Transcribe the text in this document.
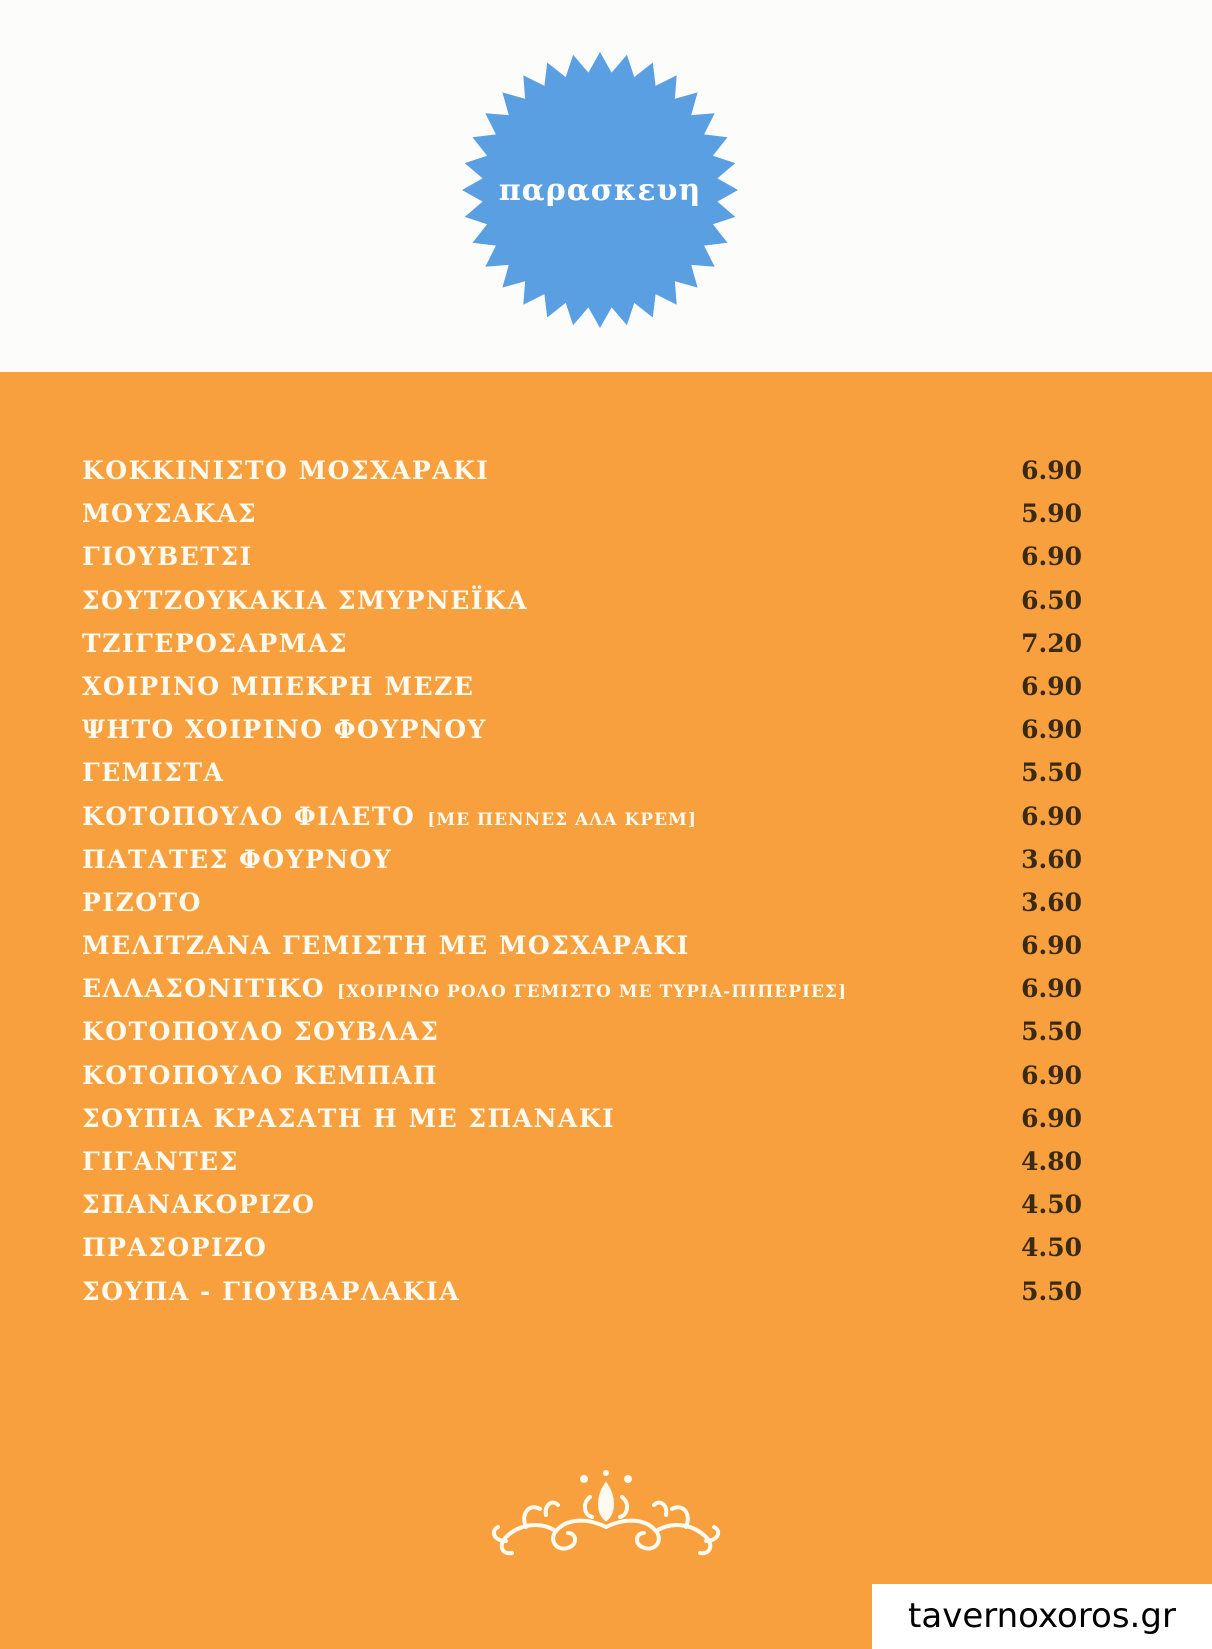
παρασκευη
ΚΟΚΚΙΝΙΣΤΟ ΜΟΣΧΑΡΑΚΙ	6.90
ΜΟΥΣΑΚΑΣ	5.90
ΓΙΟΥΒΕΤΣΙ	6.90
ΣΟΥΤΖΟΥΚΑΚΙΑ ΣΜΥΡΝΕΪΚΑ	6.50
ΤΖΙΓΕΡΟΣΑΡΜΑΣ	7.20
ΧΟΙΡΙΝΟ ΜΠΕΚΡΗ ΜΕΖΕ	6.90
ΨΗΤΟ ΧΟΙΡΙΝΟ ΦΟΥΡΝΟΥ	6.90
ΓΕΜΙΣΤΑ	5.50
ΚΟΤΟΠΟΥΛΟ ΦΙΛΕΤΟ [ΜΕ ΠΕΝΝΕΣ ΑΛΑ ΚΡΕΜ]	6.90
ΠΑΤΑΤΕΣ ΦΟΥΡΝΟΥ	3.60
ΡΙΖΟΤΟ	3.60
ΜΕΛΙΤΖΑΝΑ ΓΕΜΙΣΤΗ ΜΕ ΜΟΣΧΑΡΑΚΙ	6.90
ΕΛΛΑΣΟΝΙΤΙΚΟ [ΧΟΙΡΙΝΟ ΡΟΛΟ ΓΕΜΙΣΤΟ ΜΕ ΤΥΡΙΑ-ΠΙΠΕΡΙΕΣ]	6.90
ΚΟΤΟΠΟΥΛΟ ΣΟΥΒΛΑΣ	5.50
ΚΟΤΟΠΟΥΛΟ ΚΕΜΠΑΠ	6.90
ΣΟΥΠΙΑ ΚΡΑΣΑΤΗ Η ΜΕ ΣΠΑΝΑΚΙ	6.90
ΓΙΓΑΝΤΕΣ	4.80
ΣΠΑΝΑΚΟΡΙΖΟ	4.50
ΠΡΑΣΟΡΙΖΟ	4.50
ΣΟΥΠΑ - ΓΙΟΥΒΑΡΛΑΚΙΑ	5.50
tavernoxoros.gr
